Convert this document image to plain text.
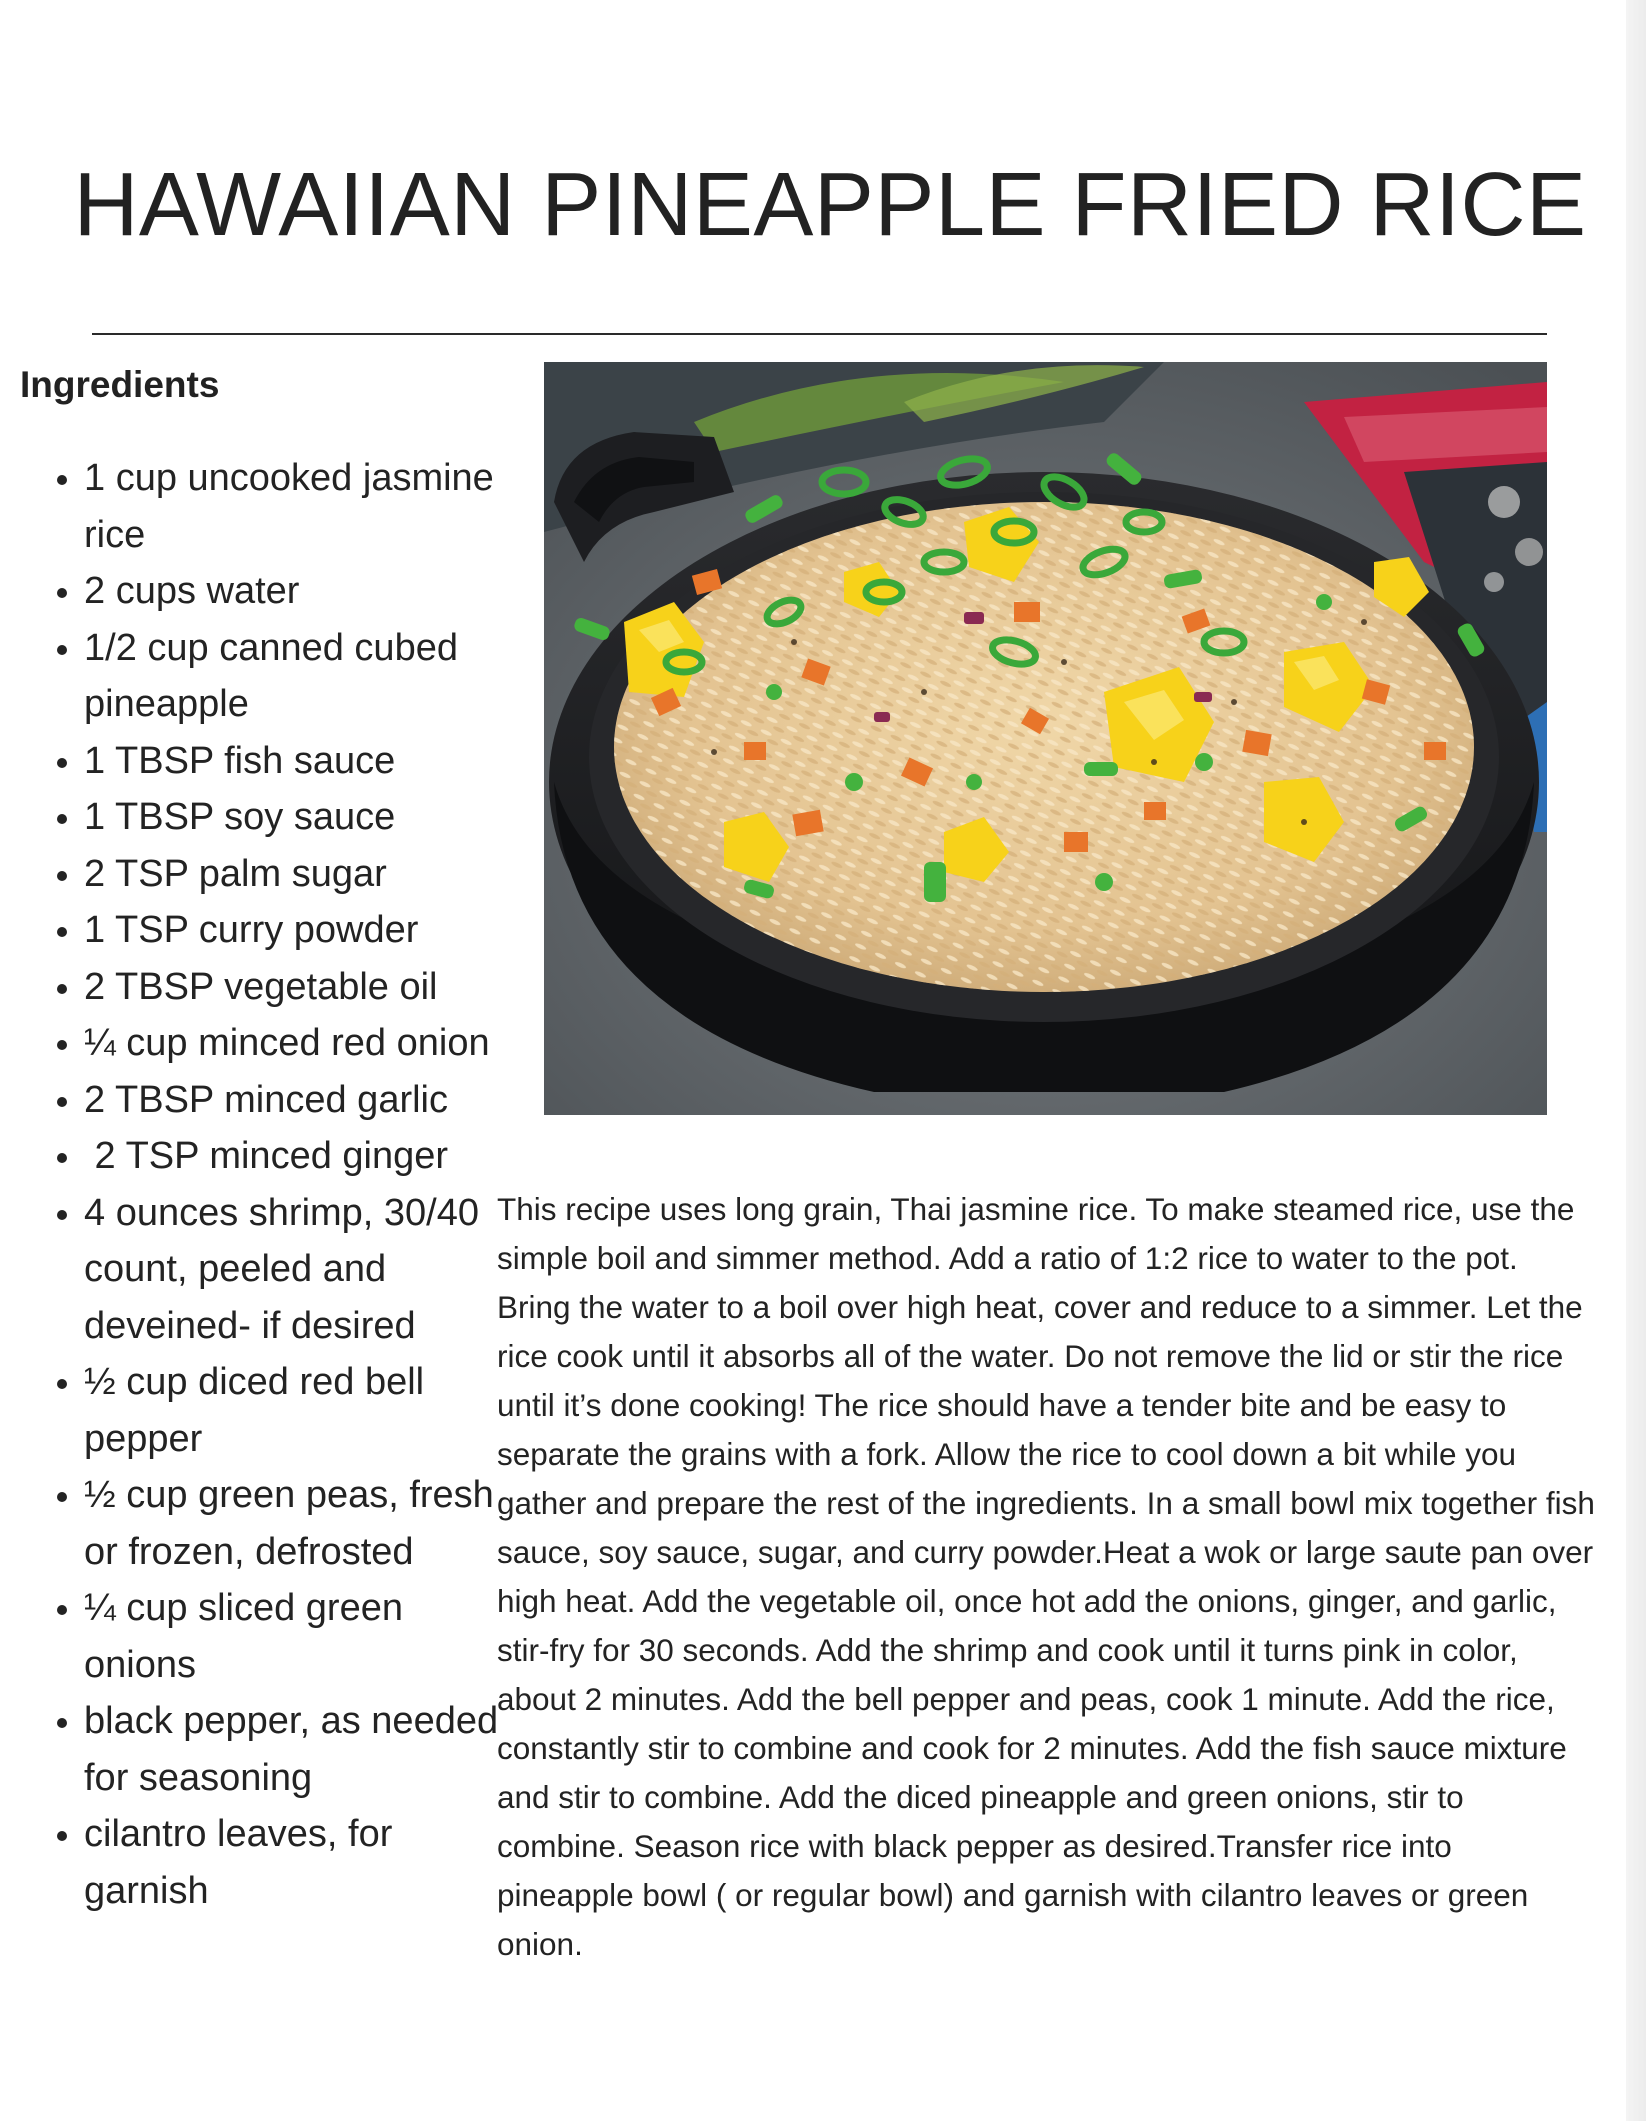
HAWAIIAN PINEAPPLE FRIED RICE
Ingredients
• 1 cup uncooked jasmine rice
• 2 cups water
• 1/2 cup canned cubed pineapple
• 1 TBSP fish sauce
• 1 TBSP soy sauce
• 2 TSP palm sugar
• 1 TSP curry powder
• 2 TBSP vegetable oil
• ¼ cup minced red onion
• 2 TBSP minced garlic
•  2 TSP minced ginger
• 4 ounces shrimp, 30/40 count, peeled and deveined- if desired
• ½ cup diced red bell pepper
• ½ cup green peas, fresh or frozen, defrosted
• ¼ cup sliced green onions
• black pepper, as needed for seasoning
• cilantro leaves, for garnish

This recipe uses long grain, Thai jasmine rice. To make steamed rice, use the simple boil and simmer method. Add a ratio of 1:2 rice to water to the pot. Bring the water to a boil over high heat, cover and reduce to a simmer. Let the rice cook until it absorbs all of the water. Do not remove the lid or stir the rice until it’s done cooking! The rice should have a tender bite and be easy to separate the grains with a fork. Allow the rice to cool down a bit while you gather and prepare the rest of the ingredients. In a small bowl mix together fish sauce, soy sauce, sugar, and curry powder.Heat a wok or large saute pan over high heat. Add the vegetable oil, once hot add the onions, ginger, and garlic, stir-fry for 30 seconds. Add the shrimp and cook until it turns pink in color, about 2 minutes. Add the bell pepper and peas, cook 1 minute. Add the rice, constantly stir to combine and cook for 2 minutes. Add the fish sauce mixture and stir to combine. Add the diced pineapple and green onions, stir to combine. Season rice with black pepper as desired.Transfer rice into pineapple bowl ( or regular bowl) and garnish with cilantro leaves or green onion.
